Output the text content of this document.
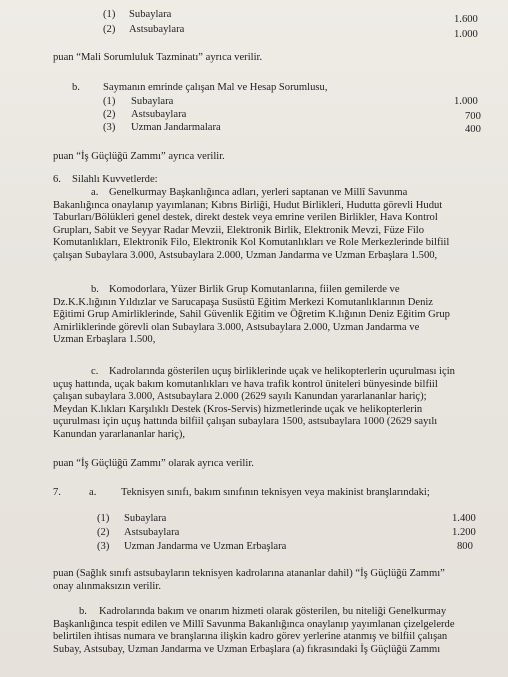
(1) Subaylara	1.600
(2) Astsubaylara	1.000
puan “Mali Sorumluluk Tazminatı” ayrıca verilir.
b. Saymanın emrinde çalışan Mal ve Hesap Sorumlusu,
(1) Subaylara	1.000
(2) Astsubaylara	700
(3) Uzman Jandarmalara	400
puan “İş Güçlüğü Zammı” ayrıca verilir.
6. Silahlı Kuvvetlerde:
a.	Genelkurmay Başkanlığınca adları, yerleri saptanan ve Millî Savunma
Bakanlığınca onaylanıp yayımlanan; Kıbrıs Birliği, Hudut Birlikleri, Hudutta görevli Hudut
Taburları/Bölükleri genel destek, direkt destek veya emrine verilen Birlikler, Hava Kontrol
Grupları, Sabit ve Seyyar Radar Mevzii, Elektronik Birlik, Elektronik Mevzi, Füze Filo
Komutanlıkları, Elektronik Filo, Elektronik Kol Komutanlıkları ve Role Merkezlerinde bilfiil
çalışan Subaylara 3.000, Astsubaylara 2.000, Uzman Jandarma ve Uzman Erbaşlara 1.500,
b. Komodorlara, Yüzer Birlik Grup Komutanlarına, fiilen gemilerde ve
Dz.K.K.lığının Yıldızlar ve Sarucapaşa Susüstü Eğitim Merkezi Komutanlıklarının Deniz
Eğitimi Grup Amirliklerinde, Sahil Güvenlik Eğitim ve Öğretim K.lığının Deniz Eğitim Grup
Amirliklerinde görevli olan Subaylara 3.000, Astsubaylara 2.000, Uzman Jandarma ve
Uzman Erbaşlara 1.500,
c.	Kadrolarında gösterilen uçuş birliklerinde uçak ve helikopterlerin uçurulması için
uçuş hattında, uçak bakım komutanlıkları ve hava trafik kontrol üniteleri bünyesinde bilfiil
çalışan subaylara 3.000, Astsubaylara 2.000 (2629 sayılı Kanundan yararlananlar hariç);
Meydan K.lıkları Karşılıklı Destek (Kros-Servis) hizmetlerinde uçak ve helikopterlerin
uçurulması için uçuş hattında bilfiil çalışan subaylara 1500, astsubaylara 1000 (2629 sayılı
Kanundan yararlananlar hariç),
puan “İş Güçlüğü Zammı” olarak ayrıca verilir.
7.	a. Teknisyen sınıfı, bakım sınıfının teknisyen veya makinist branşlarındaki;
(1) Subaylara	1.400
(2) Astsubaylara	1.200
(3) Uzman Jandarma ve Uzman Erbaşlara	800
puan (Sağlık sınıfı astsubayların teknisyen kadrolarına atananlar dahil) “İş Güçlüğü Zammı”
onay alınmaksızın verilir.
b.	Kadrolarında bakım ve onarım hizmeti olarak gösterilen, bu niteliği Genelkurmay
Başkanlığınca tespit edilen ve Millî Savunma Bakanlığınca onaylanıp yayımlanan çizelgelerde
belirtilen ihtisas numara ve branşlarına ilişkin kadro görev yerlerine atanmış ve bilfiil çalışan
Subay, Astsubay, Uzman Jandarma ve Uzman Erbaşlara (a) fıkrasındaki İş Güçlüğü Zammı
